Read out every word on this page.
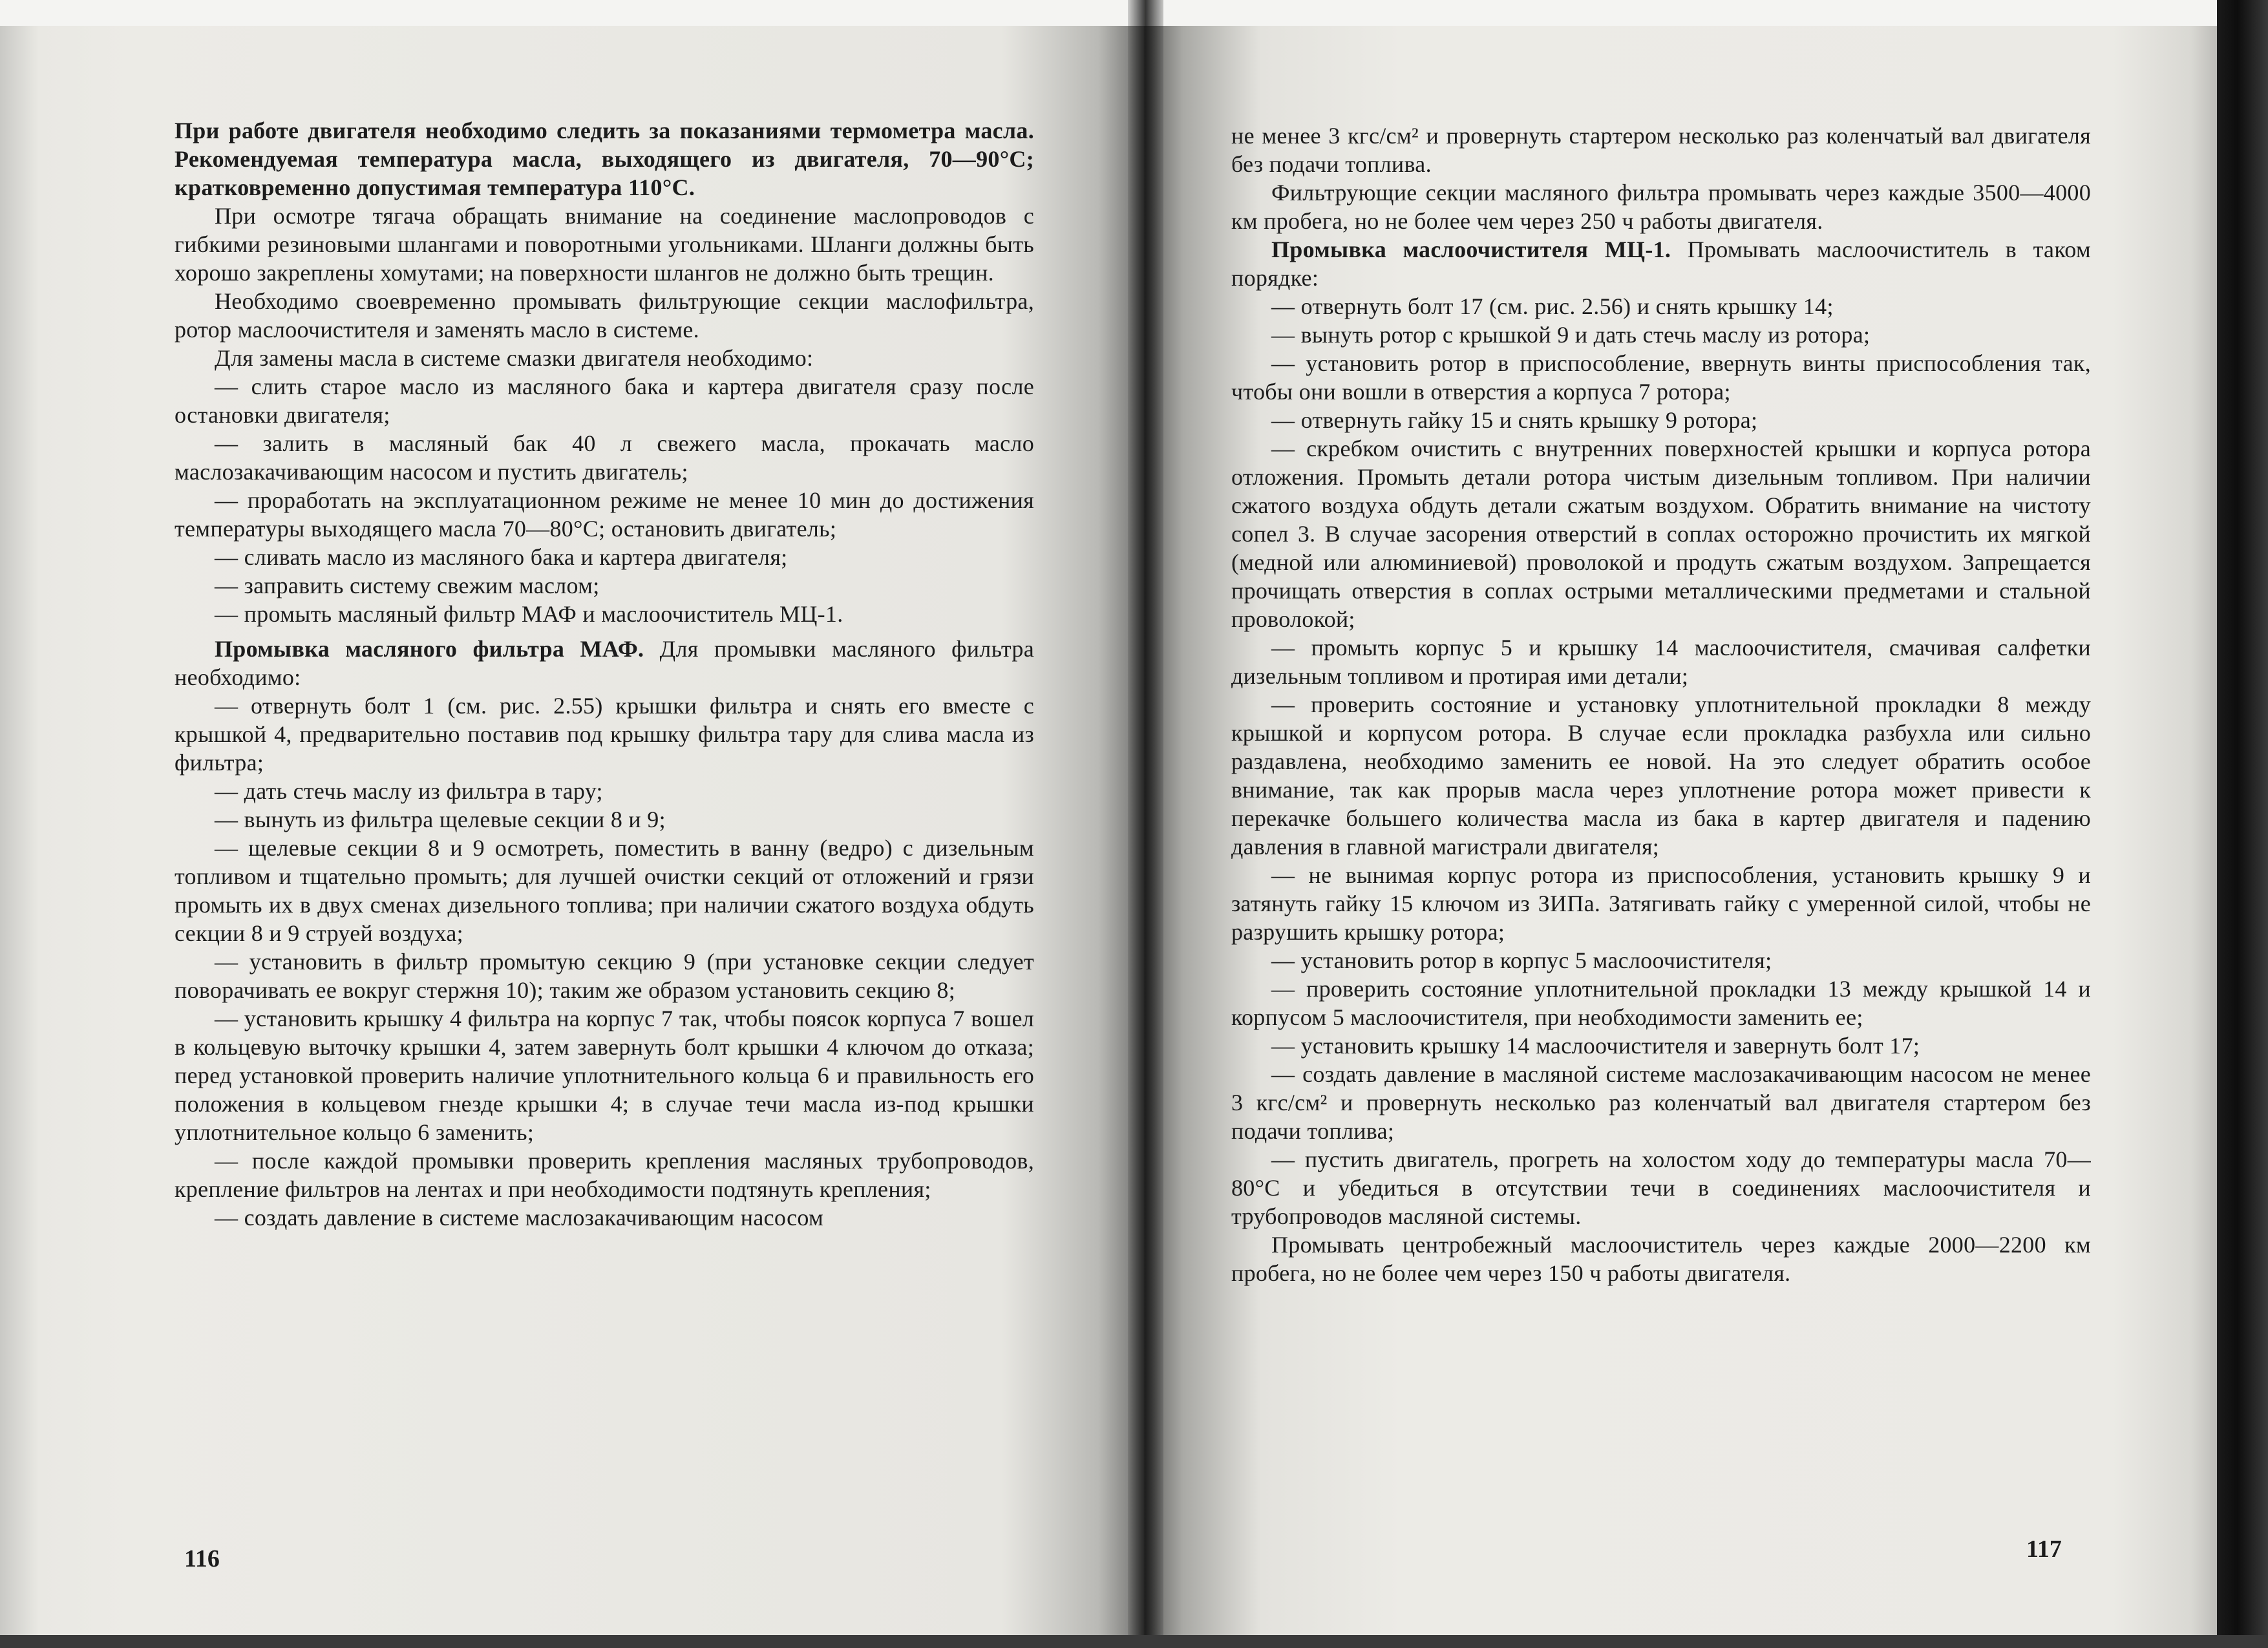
При работе двигателя необходимо следить за показаниями термометра масла. Рекомендуемая температура масла, выходящего из двигателя, 70—90°С; кратковременно допустимая температура 110°С.

При осмотре тягача обращать внимание на соединение маслопроводов с гибкими резиновыми шлангами и поворотными угольниками. Шланги должны быть хорошо закреплены хомутами; на поверхности шлангов не должно быть трещин.

Необходимо своевременно промывать фильтрующие секции маслофильтра, ротор маслоочистителя и заменять масло в системе.

Для замены масла в системе смазки двигателя необходимо:

— слить старое масло из масляного бака и картера двигателя сразу после остановки двигателя;

— залить в масляный бак 40 л свежего масла, прокачать масло маслозакачивающим насосом и пустить двигатель;

— проработать на эксплуатационном режиме не менее 10 мин до достижения температуры выходящего масла 70—80°С; остановить двигатель;

— сливать масло из масляного бака и картера двигателя;

— заправить систему свежим маслом;

— промыть масляный фильтр МАФ и маслоочиститель МЦ-1.

Промывка масляного фильтра МАФ. Для промывки масляного фильтра необходимо:

— отвернуть болт 1 (см. рис. 2.55) крышки фильтра и снять его вместе с крышкой 4, предварительно поставив под крышку фильтра тару для слива масла из фильтра;

— дать стечь маслу из фильтра в тару;

— вынуть из фильтра щелевые секции 8 и 9;

— щелевые секции 8 и 9 осмотреть, поместить в ванну (ведро) с дизельным топливом и тщательно промыть; для лучшей очистки секций от отложений и грязи промыть их в двух сменах дизельного топлива; при наличии сжатого воздуха обдуть секции 8 и 9 струей воздуха;

— установить в фильтр промытую секцию 9 (при установке секции следует поворачивать ее вокруг стержня 10); таким же образом установить секцию 8;

— установить крышку 4 фильтра на корпус 7 так, чтобы поясок корпуса 7 вошел в кольцевую выточку крышки 4, затем завернуть болт крышки 4 ключом до отказа; перед установкой проверить наличие уплотнительного кольца 6 и правильность его положения в кольцевом гнезде крышки 4; в случае течи масла из-под крышки уплотнительное кольцо 6 заменить;

— после каждой промывки проверить крепления масляных трубопроводов, крепление фильтров на лентах и при необходимости подтянуть крепления;

— создать давление в системе маслозакачивающим насосом

116

не менее 3 кгс/см² и провернуть стартером несколько раз коленчатый вал двигателя без подачи топлива.

Фильтрующие секции масляного фильтра промывать через каждые 3500—4000 км пробега, но не более чем через 250 ч работы двигателя.

Промывка маслоочистителя МЦ-1. Промывать маслоочиститель в таком порядке:

— отвернуть болт 17 (см. рис. 2.56) и снять крышку 14;

— вынуть ротор с крышкой 9 и дать стечь маслу из ротора;

— установить ротор в приспособление, ввернуть винты приспособления так, чтобы они вошли в отверстия а корпуса 7 ротора;

— отвернуть гайку 15 и снять крышку 9 ротора;

— скребком очистить с внутренних поверхностей крышки и корпуса ротора отложения. Промыть детали ротора чистым дизельным топливом. При наличии сжатого воздуха обдуть детали сжатым воздухом. Обратить внимание на чистоту сопел 3. В случае засорения отверстий в соплах осторожно прочистить их мягкой (медной или алюминиевой) проволокой и продуть сжатым воздухом. Запрещается прочищать отверстия в соплах острыми металлическими предметами и стальной проволокой;

— промыть корпус 5 и крышку 14 маслоочистителя, смачивая салфетки дизельным топливом и протирая ими детали;

— проверить состояние и установку уплотнительной прокладки 8 между крышкой и корпусом ротора. В случае если прокладка разбухла или сильно раздавлена, необходимо заменить ее новой. На это следует обратить особое внимание, так как прорыв масла через уплотнение ротора может привести к перекачке большего количества масла из бака в картер двигателя и падению давления в главной магистрали двигателя;

— не вынимая корпус ротора из приспособления, установить крышку 9 и затянуть гайку 15 ключом из ЗИПа. Затягивать гайку с умеренной силой, чтобы не разрушить крышку ротора;

— установить ротор в корпус 5 маслоочистителя;

— проверить состояние уплотнительной прокладки 13 между крышкой 14 и корпусом 5 маслоочистителя, при необходимости заменить ее;

— установить крышку 14 маслоочистителя и завернуть болт 17;

— создать давление в масляной системе маслозакачивающим насосом не менее 3 кгс/см² и провернуть несколько раз коленчатый вал двигателя стартером без подачи топлива;

— пустить двигатель, прогреть на холостом ходу до температуры масла 70—80°С и убедиться в отсутствии течи в соединениях маслоочистителя и трубопроводов масляной системы.

Промывать центробежный маслоочиститель через каждые 2000—2200 км пробега, но не более чем через 150 ч работы двигателя.

117
